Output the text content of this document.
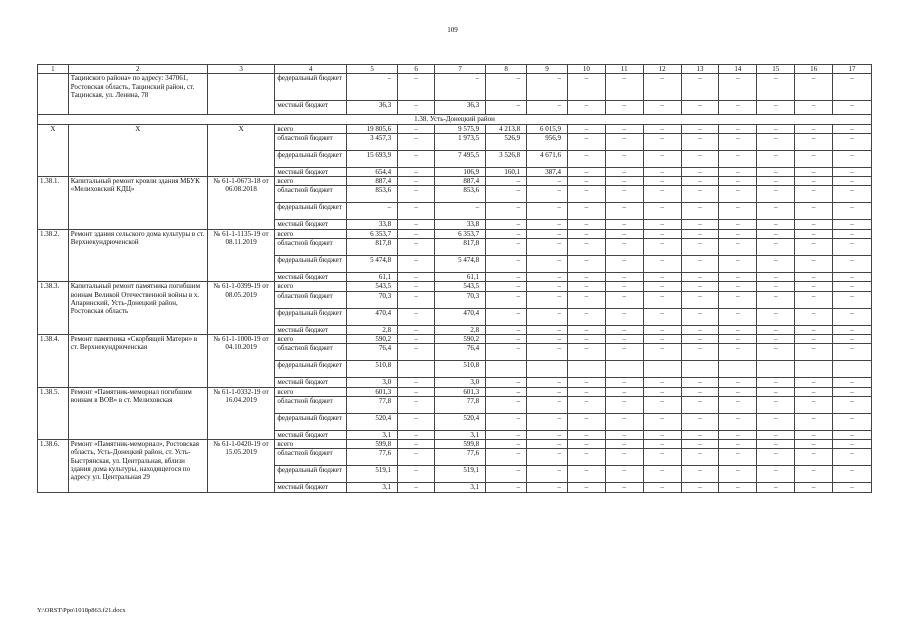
109
1	2	3	4	5	6	7	8	9	10	11	12	13	14	15	16	17
	Тацинского района» по адресу: 347061, Ростовская область, Тацинский район, ст. Тацинская, ул. Ленина, 78		федеральный бюджет	–	–	–	–	–	–	–	–	–	–	–	–	–
			местный бюджет	36,3	–	36,3	–	–	–	–	–	–	–	–	–	–
1.38. Усть-Донецкий район																
Х	Х	Х	всего	19 805,6	–	9 575,9	4 213,8	6 015,9	–	–	–	–	–	–	–	–
			областной бюджет	3 457,3	–	1 973,5	526,9	956,9	–	–	–	–	–	–	–	–
			федеральный бюджет	15 693,9	–	7 495,5	3 526,8	4 671,6	–	–	–	–	–	–	–	–
			местный бюджет	654,4	–	106,9	160,1	387,4	–	–	–	–	–	–	–	–
1.38.1.	Капитальный ремонт кровли здания МБУК «Мелиховский КДЦ»	№ 61-1-0673-18 от 06.08.2018	всего	887,4	–	887,4	–	–	–	–	–	–	–	–	–	–
			областной бюджет	853,6	–	853,6	–	–	–	–	–	–	–	–	–	–
			федеральный бюджет	–	–	–	–	–	–	–	–	–	–	–	–	–
			местный бюджет	33,8	–	33,8	–	–	–	–	–	–	–	–	–	–
1.38.2.	Ремонт здания сельского дома культуры в ст. Верхнекундрюченской	№ 61-1-1135-19 от 08.11.2019	всего	6 353,7	–	6 353,7	–	–	–	–	–	–	–	–	–	–
			областной бюджет	817,8	–	817,8	–	–	–	–	–	–	–	–	–	–
			федеральный бюджет	5 474,8	–	5 474,8	–	–	–	–	–	–	–	–	–	–
			местный бюджет	61,1	–	61,1	–	–	–	–	–	–	–	–	–	–
1.38.3.	Капитальный ремонт памятника погибшим воинам Великой Отечественной войны в х. Апаринский, Усть-Донецкий район, Ростовская область	№ 61-1-0399-19 от 08.05.2019	всего	543,5	–	543,5	–	–	–	–	–	–	–	–	–	–
			областной бюджет	70,3	–	70,3	–	–	–	–	–	–	–	–	–	–
			федеральный бюджет	470,4	–	470,4	–	–	–	–	–	–	–	–	–	–
			местный бюджет	2,8	–	2,8	–	–	–	–	–	–	–	–	–	–
1.38.4.	Ремонт памятника «Скорбящей Матери» в ст. Верхнекундрюченская	№ 61-1-1000-19 от 04.10.2019	всего	590,2	–	590,2	–	–	–	–	–	–	–	–	–	–
			областной бюджет	76,4	–	76,4	–	–	–	–	–	–	–	–	–	–
			федеральный бюджет	510,8		510,8										
			местный бюджет	3,0	–	3,0	–	–	–	–	–	–	–	–	–	–
1.38.5.	Ремонт «Памятник-мемориал погибшим воинам в ВОВ» в ст. Мелиховская	№ 61-1-0332-19 от 16.04.2019	всего	601,3	–	601,3	–	–	–	–	–	–	–	–	–	–
			областной бюджет	77,8	–	77,8	–	–	–	–	–	–	–	–	–	–
			федеральный бюджет	520,4	–	520,4	–	–	–	–	–	–	–	–	–	–
			местный бюджет	3,1	–	3,1	–	–	–	–	–	–	–	–	–	–
1.38.6.	Ремонт «Памятник-мемориал», Ростовская область, Усть-Донецкий район, ст. Усть-Быстрянская, ул. Центральная, вблизи здания дома культуры, находящегося по адресу ул. Центральная 29	№ 61-1-0420-19 от 15.05.2019	всего	599,8	–	599,8	–	–	–	–	–	–	–	–	–	–
			областной бюджет	77,6	–	77,6	–	–	–	–	–	–	–	–	–	–
			федеральный бюджет	519,1	–	519,1	–	–	–	–	–	–	–	–	–	–
			местный бюджет	3,1	–	3,1	–	–	–	–	–	–	–	–	–	–
Y:\ORST\Ppo\1018p863.f21.docx
